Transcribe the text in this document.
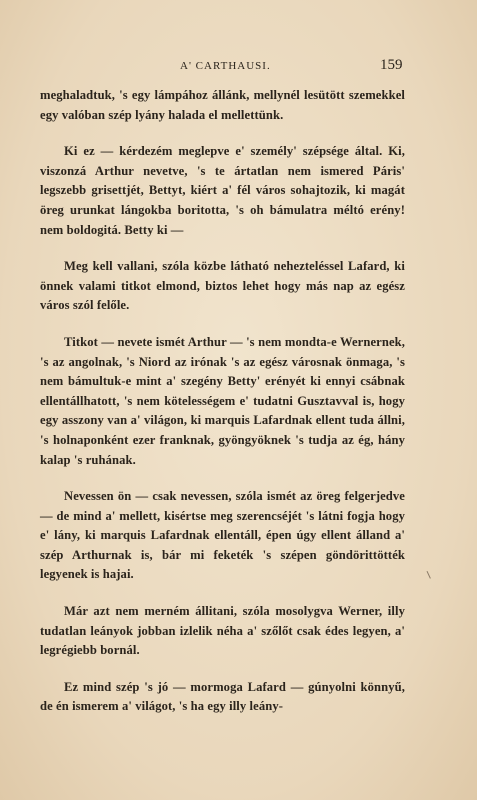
A' CARTHAUSI.	159

meghaladtuk, 's egy lámpához állánk, mellynél lesütött szemekkel egy valóban szép lyány halada el mellettünk.

Ki ez — kérdezém meglepve e' személy' szépsége által. Ki, viszonzá Arthur nevetve, 's te ártatlan nem ismered Páris' legszebb grisettjét, Bettyt, kiért a' fél város sohajtozik, ki magát öreg urunkat lángokba boritotta, 's oh bámulatra méltó erény! nem boldogitá. Betty ki —

Meg kell vallani, szóla közbe látható nehezteléssel Lafard, ki önnek valami titkot elmond, biztos lehet hogy más nap az egész város szól felőle.

Titkot — nevete ismét Arthur — 's nem mondta-e Wernernek, 's az angolnak, 's Niord az irónak 's az egész városnak önmaga, 's nem bámultuk-e mint a' szegény Betty' erényét ki ennyi csábnak ellentállhatott, 's nem kötelességem e' tudatni Gusztavval is, hogy egy asszony van a' világon, ki marquis Lafardnak ellent tuda állni, 's holnaponként ezer franknak, gyöngyöknek 's tudja az ég, hány kalap 's ruhának.

Nevessen ön — csak nevessen, szóla ismét az öreg felgerjedve — de mind a' mellett, kisértse meg szerencséjét 's látni fogja hogy e' lány, ki marquis Lafardnak ellentáll, épen úgy ellent álland a' szép Arthurnak is, bár mi feketék 's szépen göndörittötték legyenek is hajai.

Már azt nem merném állitani, szóla mosolygva Werner, illy tudatlan leányok jobban izlelik néha a' szőlőt csak édes legyen, a' legrégiebb bornál.

Ez mind szép 's jó — mormoga Lafard — gúnyolni könnyű, de én ismerem a' világot, 's ha egy illy leány-
